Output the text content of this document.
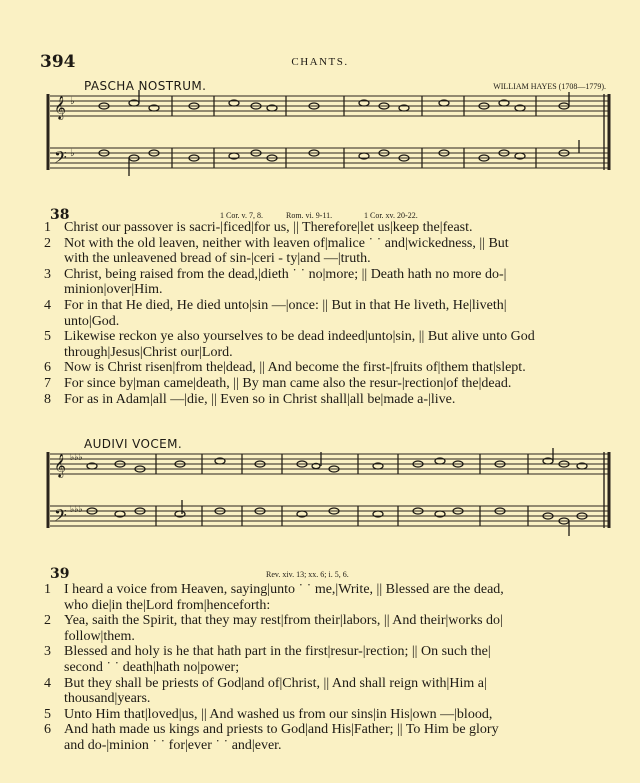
394	CHANTS.
PASCHA NOSTRUM.	WILLIAM HAYES (1708—1779).
𝄞
𝄢
♭
♭
38	1 Cor. v. 7, 8.	Rom. vi. 9-11.	1 Cor. xv. 20-22.
1 Christ our passover is sacri-|ficed|for us, || Therefore|let us|keep the|feast.
2 Not with the old leaven, neither with leaven of|malice ˙ ˙ and|wickedness, || But
with the unleavened bread of sin-|ceri - ty|and —|truth.
3 Christ, being raised from the dead,|dieth ˙ ˙ no|more; || Death hath no more do-|
minion|over|Him.
4 For in that He died, He died unto|sin —|once: || But in that He liveth, He|liveth|
unto|God.
5 Likewise reckon ye also yourselves to be dead indeed|unto|sin, || But alive unto God
through|Jesus|Christ our|Lord.
6 Now is Christ risen|from the|dead, || And become the first-|fruits of|them that|slept.
7 For since by|man came|death, || By man came also the resur-|rection|of the|dead.
8 For as in Adam|all —|die, || Even so in Christ shall|all be|made a-|live.
AUDIVI VOCEM.
𝄞
𝄢
♭♭♭
♭♭♭
39	Rev. xiv. 13; xx. 6; i. 5, 6.
1 I heard a voice from Heaven, saying|unto ˙ ˙ me,|Write, || Blessed are the dead,
who die|in the|Lord from|henceforth:
2 Yea, saith the Spirit, that they may rest|from their|labors, || And their|works do|
follow|them.
3 Blessed and holy is he that hath part in the first|resur-|rection; || On such the|
second ˙ ˙ death|hath no|power;
4 But they shall be priests of God|and of|Christ, || And shall reign with|Him a|
thousand|years.
5 Unto Him that|loved|us, || And washed us from our sins|in His|own —|blood,
6 And hath made us kings and priests to God|and His|Father; || To Him be glory
and do-|minion ˙ ˙ for|ever ˙ ˙ and|ever.
